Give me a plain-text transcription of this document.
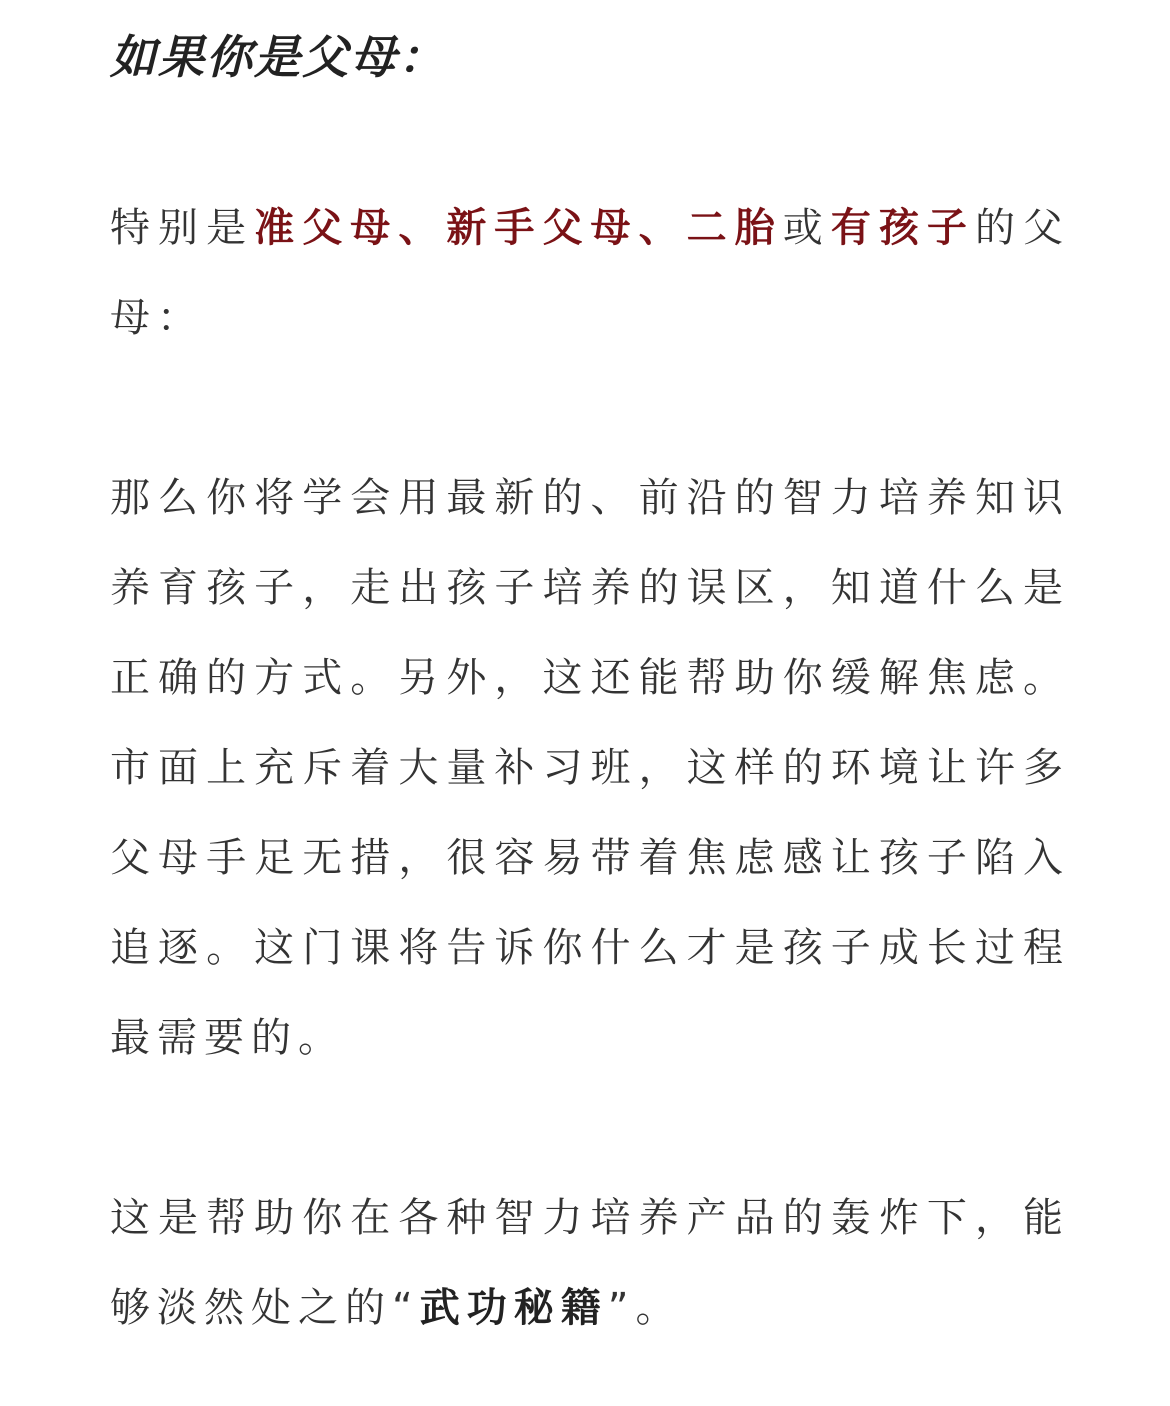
如果你是父母：

特别是准父母、新手父母、二胎或有孩子的父母：

那么你将学会用最新的、前沿的智力培养知识养育孩子，走出孩子培养的误区，知道什么是正确的方式。另外，这还能帮助你缓解焦虑。市面上充斥着大量补习班，这样的环境让许多父母手足无措，很容易带着焦虑感让孩子陷入追逐。这门课将告诉你什么才是孩子成长过程最需要的。

这是帮助你在各种智力培养产品的轰炸下，能够淡然处之的“武功秘籍”。
